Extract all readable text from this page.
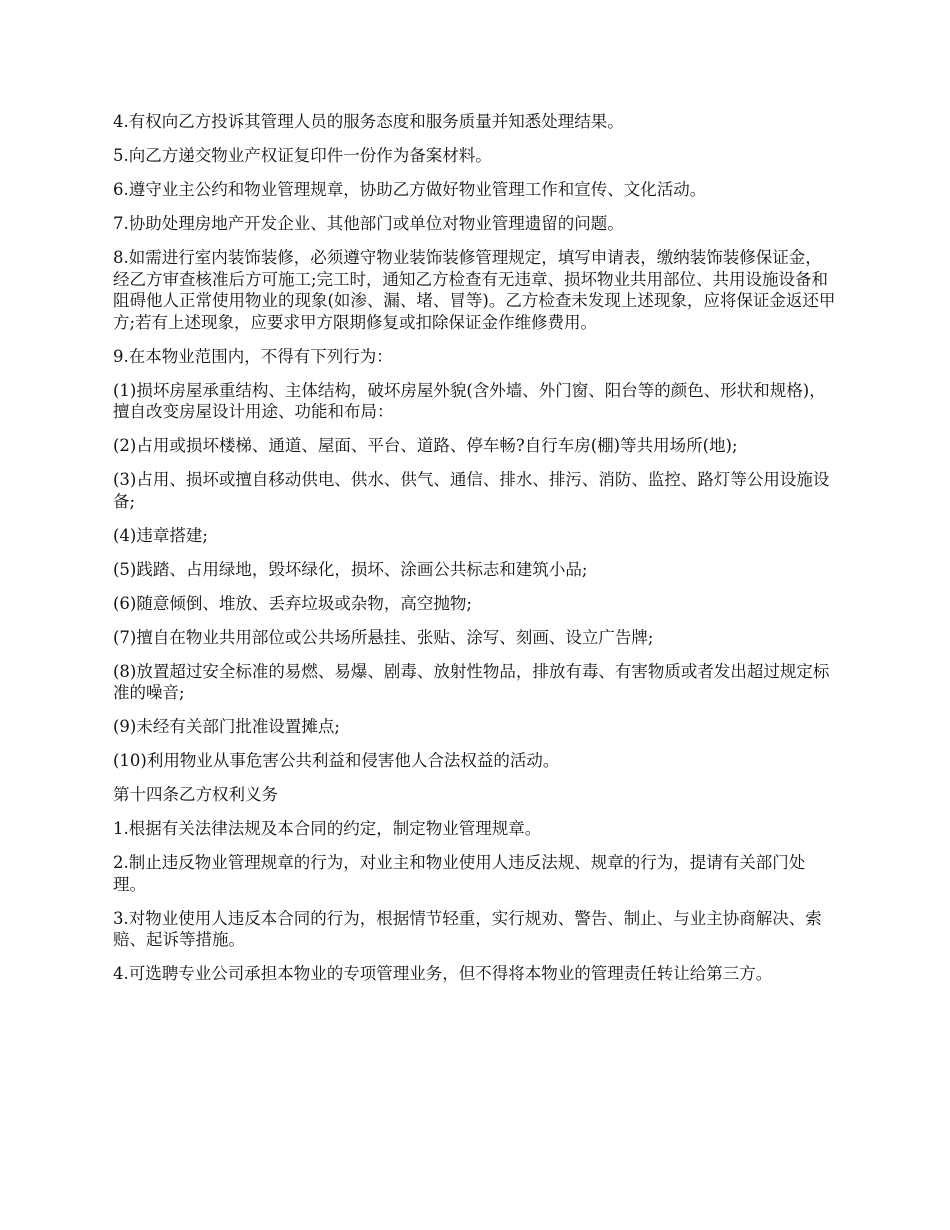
4.有权向乙方投诉其管理人员的服务态度和服务质量并知悉处理结果。

5.向乙方递交物业产权证复印件一份作为备案材料。

6.遵守业主公约和物业管理规章，协助乙方做好物业管理工作和宣传、文化活动。

7.协助处理房地产开发企业、其他部门或单位对物业管理遗留的问题。

8.如需进行室内装饰装修，必须遵守物业装饰装修管理规定，填写申请表，缴纳装饰装修保证金，经乙方审查核准后方可施工;完工时，通知乙方检查有无违章、损坏物业共用部位、共用设施设备和阻碍他人正常使用物业的现象(如渗、漏、堵、冒等)。乙方检查未发现上述现象，应将保证金返还甲方;若有上述现象，应要求甲方限期修复或扣除保证金作维修费用。

9.在本物业范围内，不得有下列行为：

(1)损坏房屋承重结构、主体结构，破坏房屋外貌(含外墙、外门窗、阳台等的颜色、形状和规格)，擅自改变房屋设计用途、功能和布局：

(2)占用或损坏楼梯、通道、屋面、平台、道路、停车畅?自行车房(棚)等共用场所(地);

(3)占用、损坏或擅自移动供电、供水、供气、通信、排水、排污、消防、监控、路灯等公用设施设备;

(4)违章搭建;

(5)践踏、占用绿地，毁坏绿化，损坏、涂画公共标志和建筑小品;

(6)随意倾倒、堆放、丢弃垃圾或杂物，高空抛物;

(7)擅自在物业共用部位或公共场所悬挂、张贴、涂写、刻画、设立广告牌;

(8)放置超过安全标准的易燃、易爆、剧毒、放射性物品，排放有毒、有害物质或者发出超过规定标准的噪音;

(9)未经有关部门批准设置摊点;

(10)利用物业从事危害公共利益和侵害他人合法权益的活动。

第十四条乙方权利义务

1.根据有关法律法规及本合同的约定，制定物业管理规章。

2.制止违反物业管理规章的行为，对业主和物业使用人违反法规、规章的行为，提请有关部门处理。

3.对物业使用人违反本合同的行为，根据情节轻重，实行规劝、警告、制止、与业主协商解决、索赔、起诉等措施。

4.可选聘专业公司承担本物业的专项管理业务，但不得将本物业的管理责任转让给第三方。
